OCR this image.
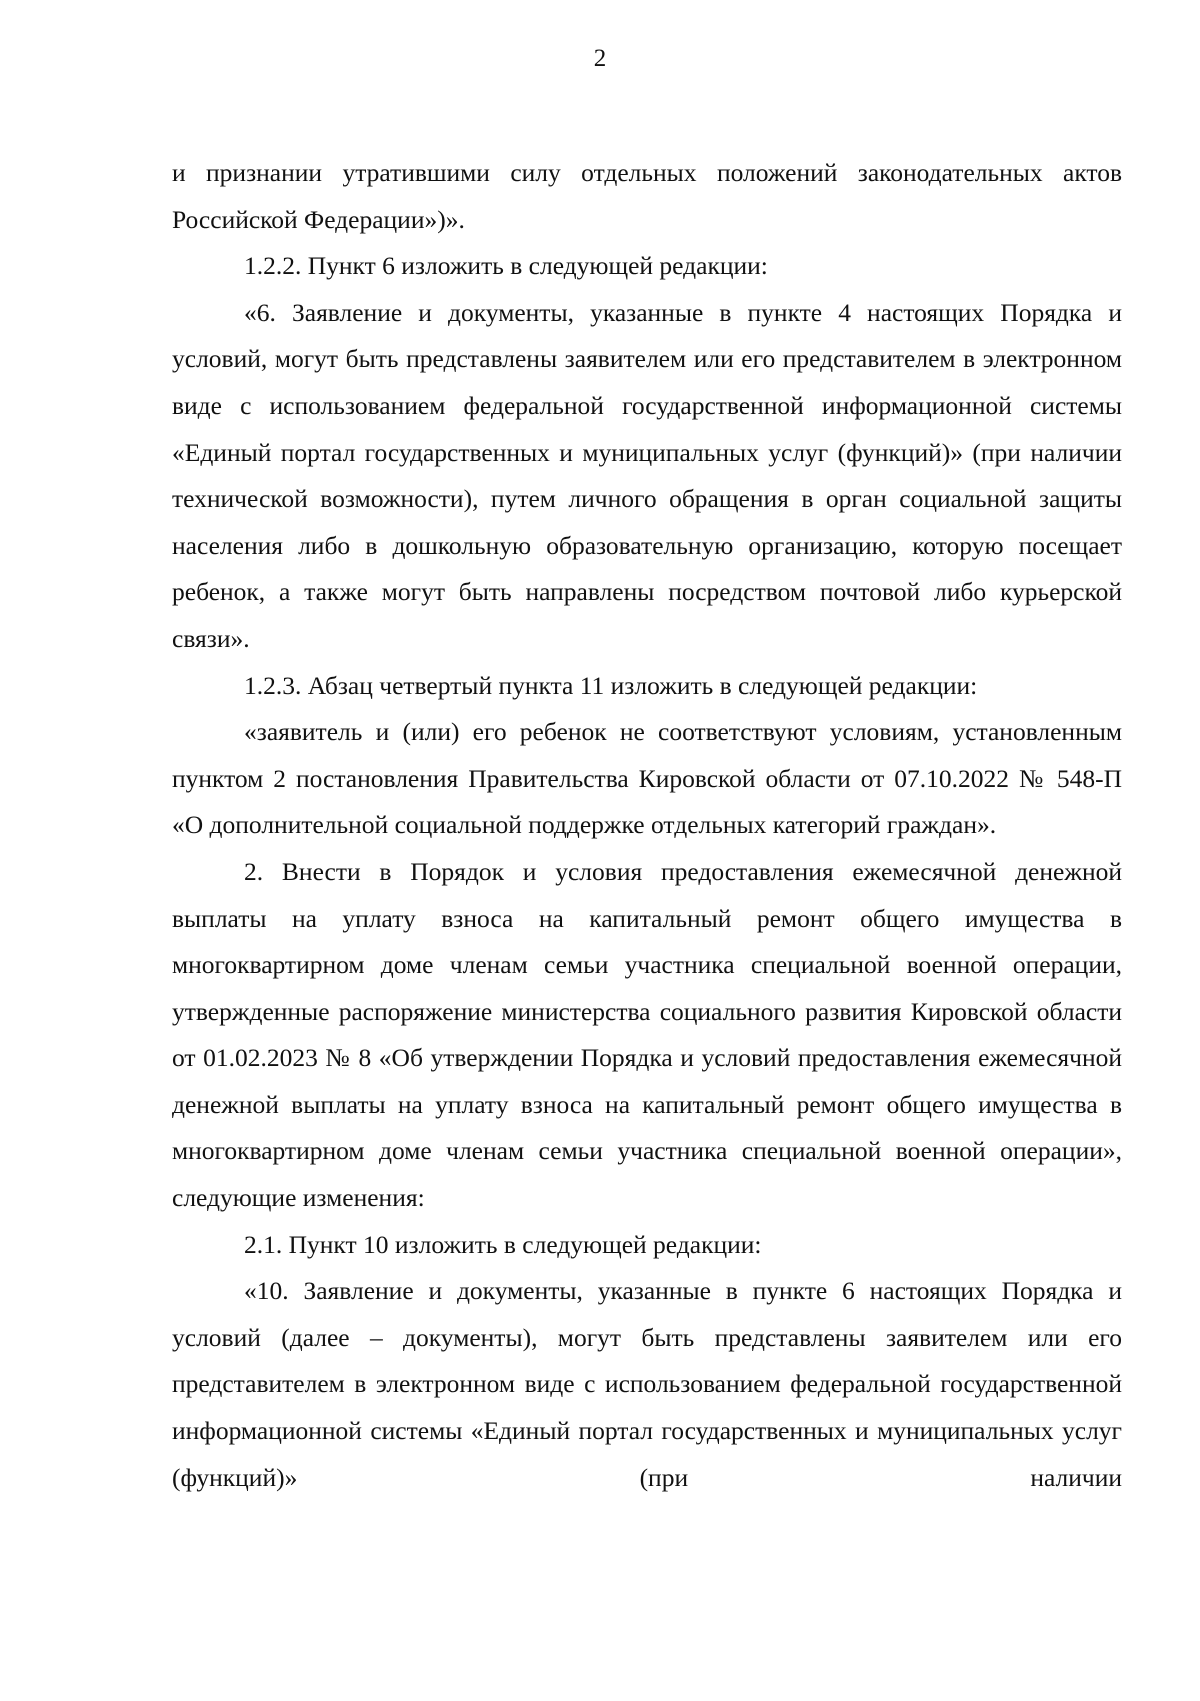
2

и признании утратившими силу отдельных положений законодательных актов Российской Федерации»)».

1.2.2. Пункт 6 изложить в следующей редакции:

«6. Заявление и документы, указанные в пункте 4 настоящих Порядка и условий, могут быть представлены заявителем или его представителем в электронном виде с использованием федеральной государственной информационной системы «Единый портал государственных и муниципальных услуг (функций)» (при наличии технической возможности), путем личного обращения в орган социальной защиты населения либо в дошкольную образовательную организацию, которую посещает ребенок, а также могут быть направлены посредством почтовой либо курьерской связи».

1.2.3. Абзац четвертый пункта 11 изложить в следующей редакции:

«заявитель и (или) его ребенок не соответствуют условиям, установленным пунктом 2 постановления Правительства Кировской области от 07.10.2022 № 548-П «О дополнительной социальной поддержке отдельных категорий граждан».

2. Внести в Порядок и условия предоставления ежемесячной денежной выплаты на уплату взноса на капитальный ремонт общего имущества в многоквартирном доме членам семьи участника специальной военной операции, утвержденные распоряжение министерства социального развития Кировской области от 01.02.2023 № 8 «Об утверждении Порядка и условий предоставления ежемесячной денежной выплаты на уплату взноса на капитальный ремонт общего имущества в многоквартирном доме членам семьи участника специальной военной операции», следующие изменения:

2.1. Пункт 10 изложить в следующей редакции:

«10. Заявление и документы, указанные в пункте 6 настоящих Порядка и условий (далее – документы), могут быть представлены заявителем или его представителем в электронном виде с использованием федеральной государственной информационной системы «Единый портал государственных и муниципальных услуг (функций)» (при наличии
